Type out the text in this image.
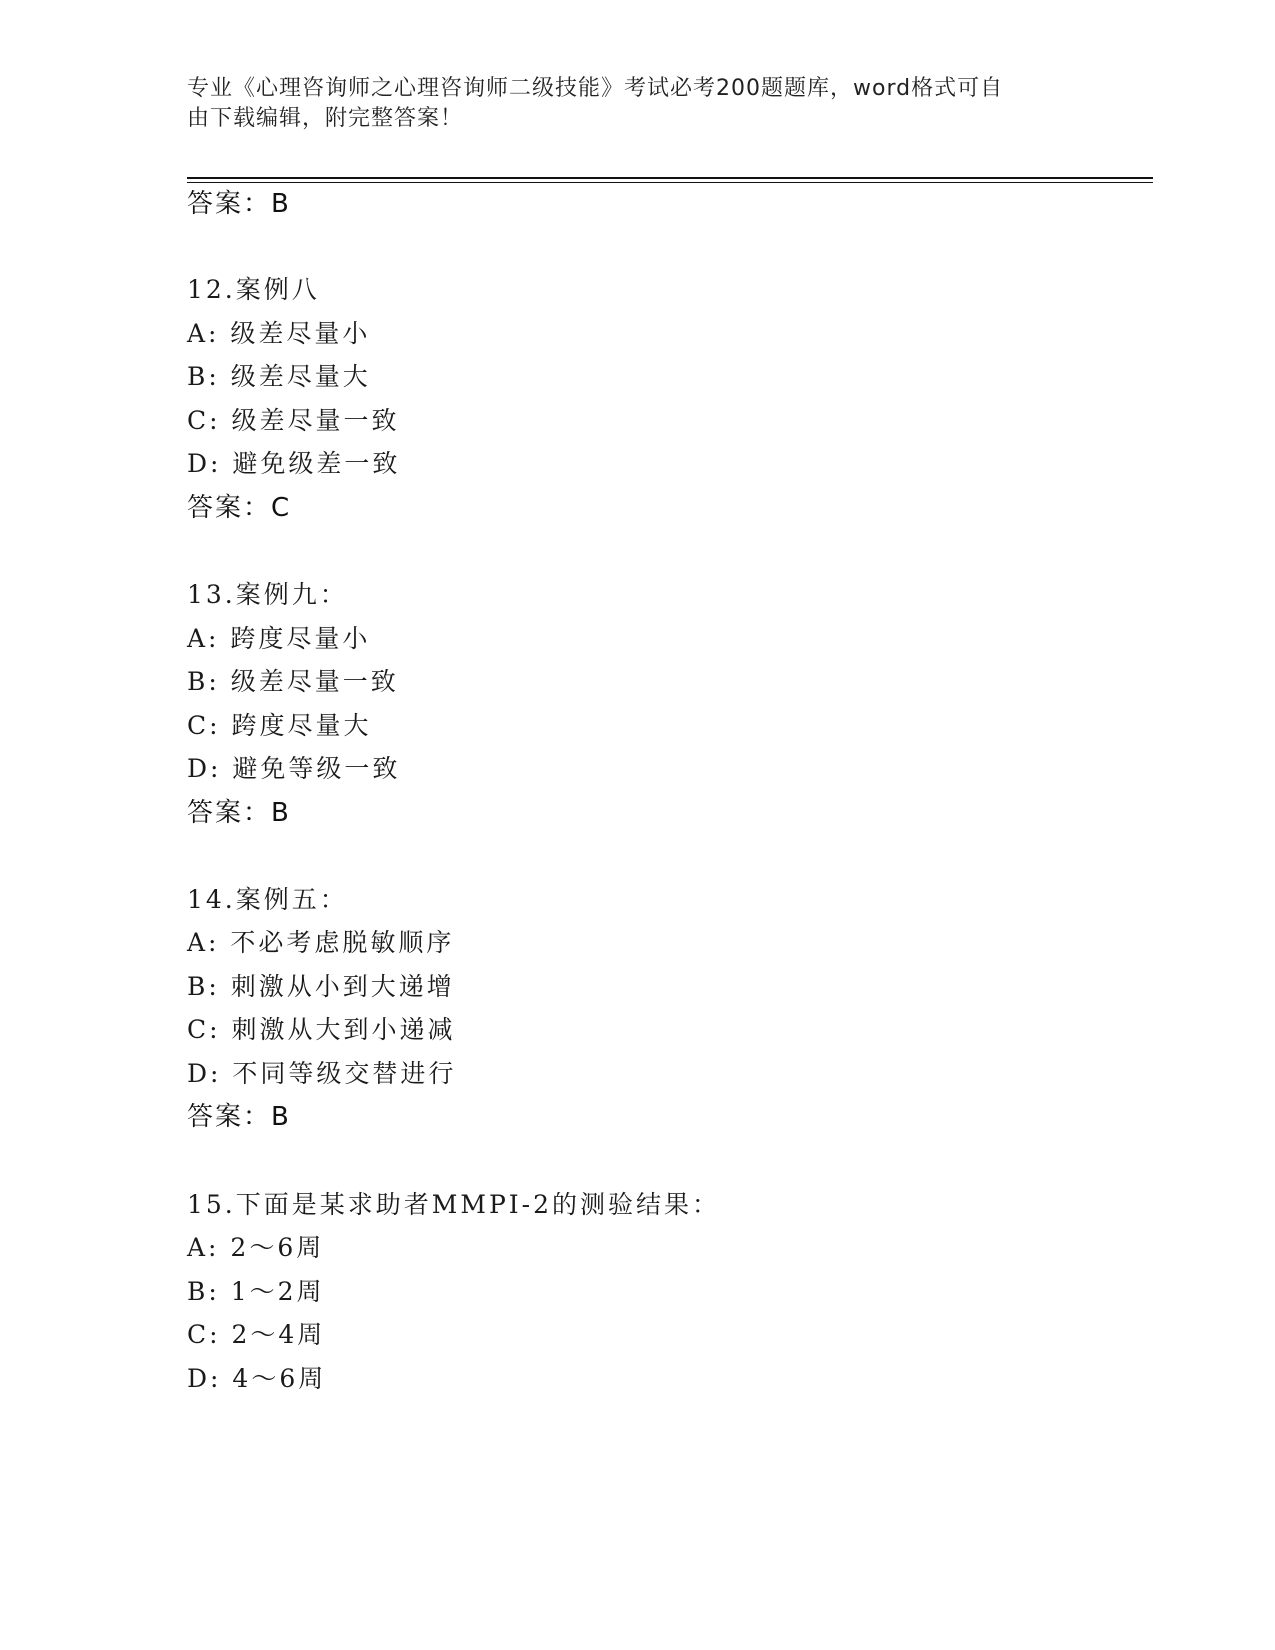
专业《心理咨询师之心理咨询师二级技能》考试必考200题题库，word格式可自
由下载编辑，附完整答案！
答案：B
12.案例八
A: 级差尽量小
B: 级差尽量大
C: 级差尽量一致
D: 避免级差一致
答案：C
13.案例九：
A: 跨度尽量小
B: 级差尽量一致
C: 跨度尽量大
D: 避免等级一致
答案：B
14.案例五：
A: 不必考虑脱敏顺序
B: 刺激从小到大递增
C: 刺激从大到小递减
D: 不同等级交替进行
答案：B
15.下面是某求助者MMPI-2的测验结果：
A: 2～6周
B: 1～2周
C: 2～4周
D: 4～6周
